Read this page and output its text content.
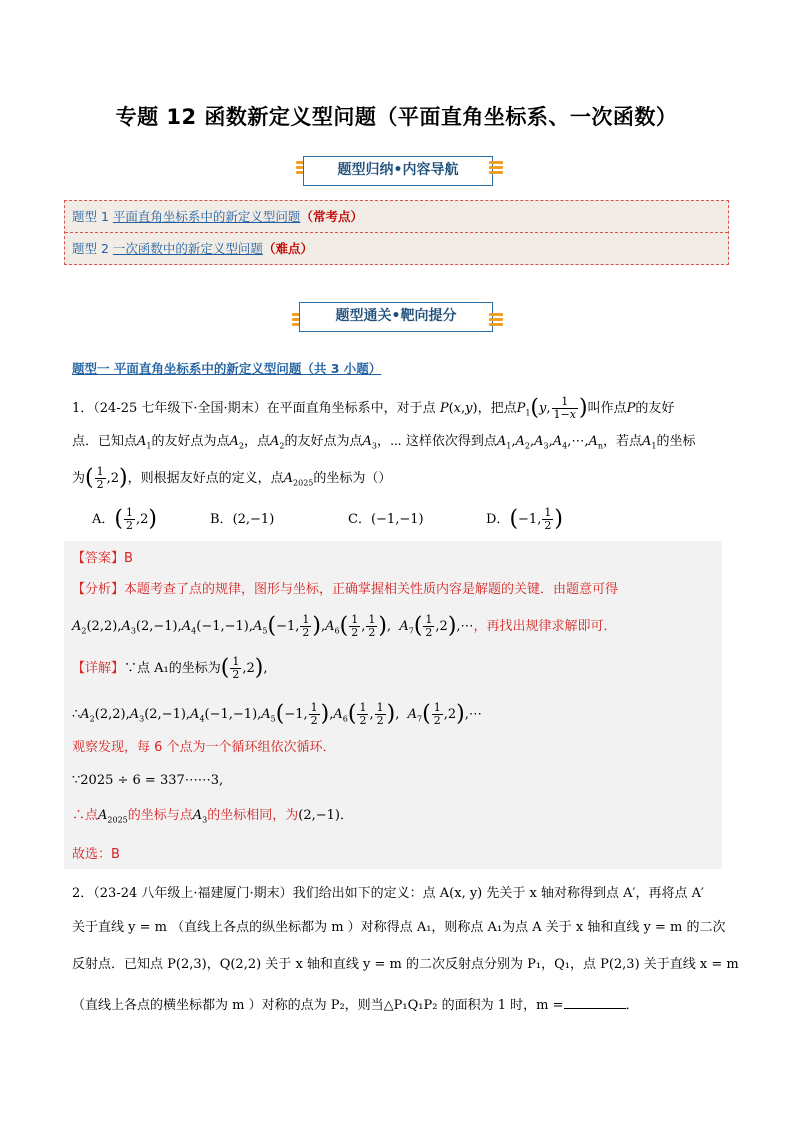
专题 12 函数新定义型问题（平面直角坐标系、一次函数）
题型归纳•内容导航
题型 1 平面直角坐标系中的新定义型问题（常考点）
题型 2 一次函数中的新定义型问题（难点）
题型通关•靶向提分
题型一 平面直角坐标系中的新定义型问题（共 3 小题）
1．（24-25 七年级下·全国·期末）在平面直角坐标系中，对于点 P(x,y)，把点$P_1(y$, $\frac{1}{1-x}$ )叫作点P的友好
点．已知点$A_1$的友好点为点$A_2$，点$A_2$的友好点为点$A_3$，⋯ 这样依次得到点$A_1,A_2,A_3,A_4,\cdots,A_n$，若点$A_1$的坐标
为( $\frac{1}{2} ,2$)，则根据友好点的定义，点$A_{2025}$的坐标为（）
A．( $\frac{1}{2} ,2$)	B．(2,−1)	C．(−1,−1)	D．(−1, $\frac{1}{2}$ )
【答案】B
【分析】本题考查了点的规律，图形与坐标，正确掌握相关性质内容是解题的关键．由题意可得
$A_2(2,2),A_3(2,-1),A_4(-1,-1),A_5(-1$, $\frac{1}{2} ),A_6( \frac{1}{2}$ , $\frac{1}{2}$ ),  $A_7( \frac{1}{2}$ ,2),⋯，再找出规律求解即可．
【详解】∵点 A₁的坐标为( $\frac{1}{2} ,2$),
$\therefore A_2(2,2),A_3(2,-1),A_4(-1,-1),A_5(-1$, $\frac{1}{2} ),A_6( \frac{1}{2}$ , $\frac{1}{2}$ ),  $A_7( \frac{1}{2}$ ,2),⋯
观察发现，每 6 个点为一个循环组依次循环．
∵2025 ÷ 6 = 337⋯⋯3,
∴点$A_{2025}$的坐标与点$A_3$的坐标相同，为(2,−1)．
故选：B
2．（23-24 八年级上·福建厦门·期末）我们给出如下的定义：点 A(x, y) 先关于 x 轴对称得到点 A′，再将点 A′
关于直线 y = m （直线上各点的纵坐标都为 m ）对称得点 A₁，则称点 A₁为点 A 关于 x 轴和直线 y = m 的二次
反射点．已知点 P(2,3)，Q(2,2) 关于 x 轴和直线 y = m 的二次反射点分别为 P₁，Q₁，点 P(2,3) 关于直线 x = m
（直线上各点的横坐标都为 m ）对称的点为 P₂，则当△P₁Q₁P₂ 的面积为 1 时，m =	．
